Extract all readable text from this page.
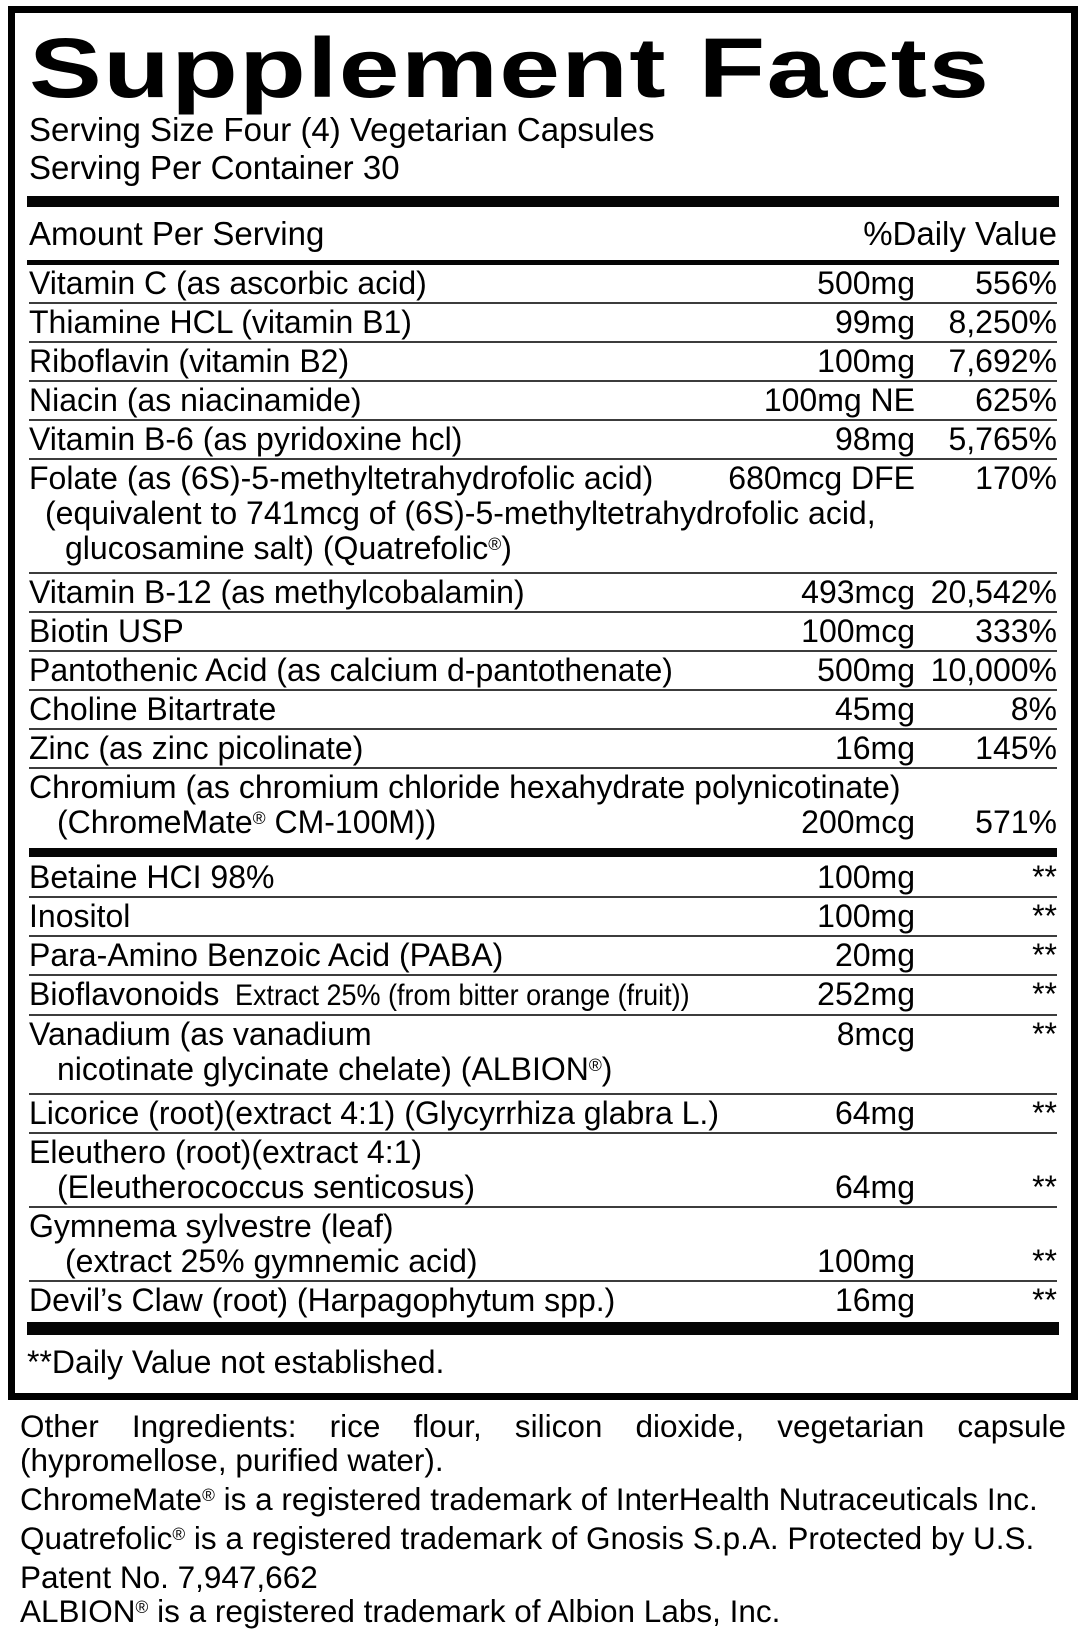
Supplement Facts
Serving Size Four (4) Vegetarian Capsules
Serving Per Container 30
Amount Per Serving	%Daily Value
Vitamin C (as ascorbic acid)	500mg	556%
Thiamine HCL (vitamin B1)	99mg	8,250%
Riboflavin (vitamin B2)	100mg	7,692%
Niacin (as niacinamide)	100mg NE	625%
Vitamin B-6 (as pyridoxine hcl)	98mg	5,765%
Folate (as (6S)-5-methyltetrahydrofolic acid)	680mcg DFE	170%
(equivalent to 741mcg of (6S)-5-methyltetrahydrofolic acid,
glucosamine salt) (Quatrefolic®)
Vitamin B-12 (as methylcobalamin)	493mcg 20,542%
Biotin USP	100mcg	333%
Pantothenic Acid (as calcium d-pantothenate)	500mg 10,000%
Choline Bitartrate	45mg	8%
Zinc (as zinc picolinate)	16mg	145%
Chromium (as chromium chloride hexahydrate polynicotinate)
(ChromeMate® CM-100M))	200mcg	571%
Betaine HCI 98%	100mg	**
Inositol	100mg	**
Para-Amino Benzoic Acid (PABA)	20mg	**
Bioflavonoids Extract 25% (from bitter orange (fruit))	252mg	**
Vanadium (as vanadium	8mcg	**
nicotinate glycinate chelate) (ALBION®)
Licorice (root)(extract 4:1) (Glycyrrhiza glabra L.)	64mg	**
Eleuthero (root)(extract 4:1)
(Eleutherococcus senticosus)	64mg	**
Gymnema sylvestre (leaf)
(extract 25% gymnemic acid)	100mg	**
Devil’s Claw (root) (Harpagophytum spp.)	16mg	**
**Daily Value not established.
Other Ingredients: rice flour, silicon dioxide, vegetarian capsule
(hypromellose, purified water).
ChromeMate® is a registered trademark of InterHealth Nutraceuticals Inc.
Quatrefolic® is a registered trademark of Gnosis S.p.A. Protected by U.S.
Patent No. 7,947,662
ALBION® is a registered trademark of Albion Labs, Inc.
